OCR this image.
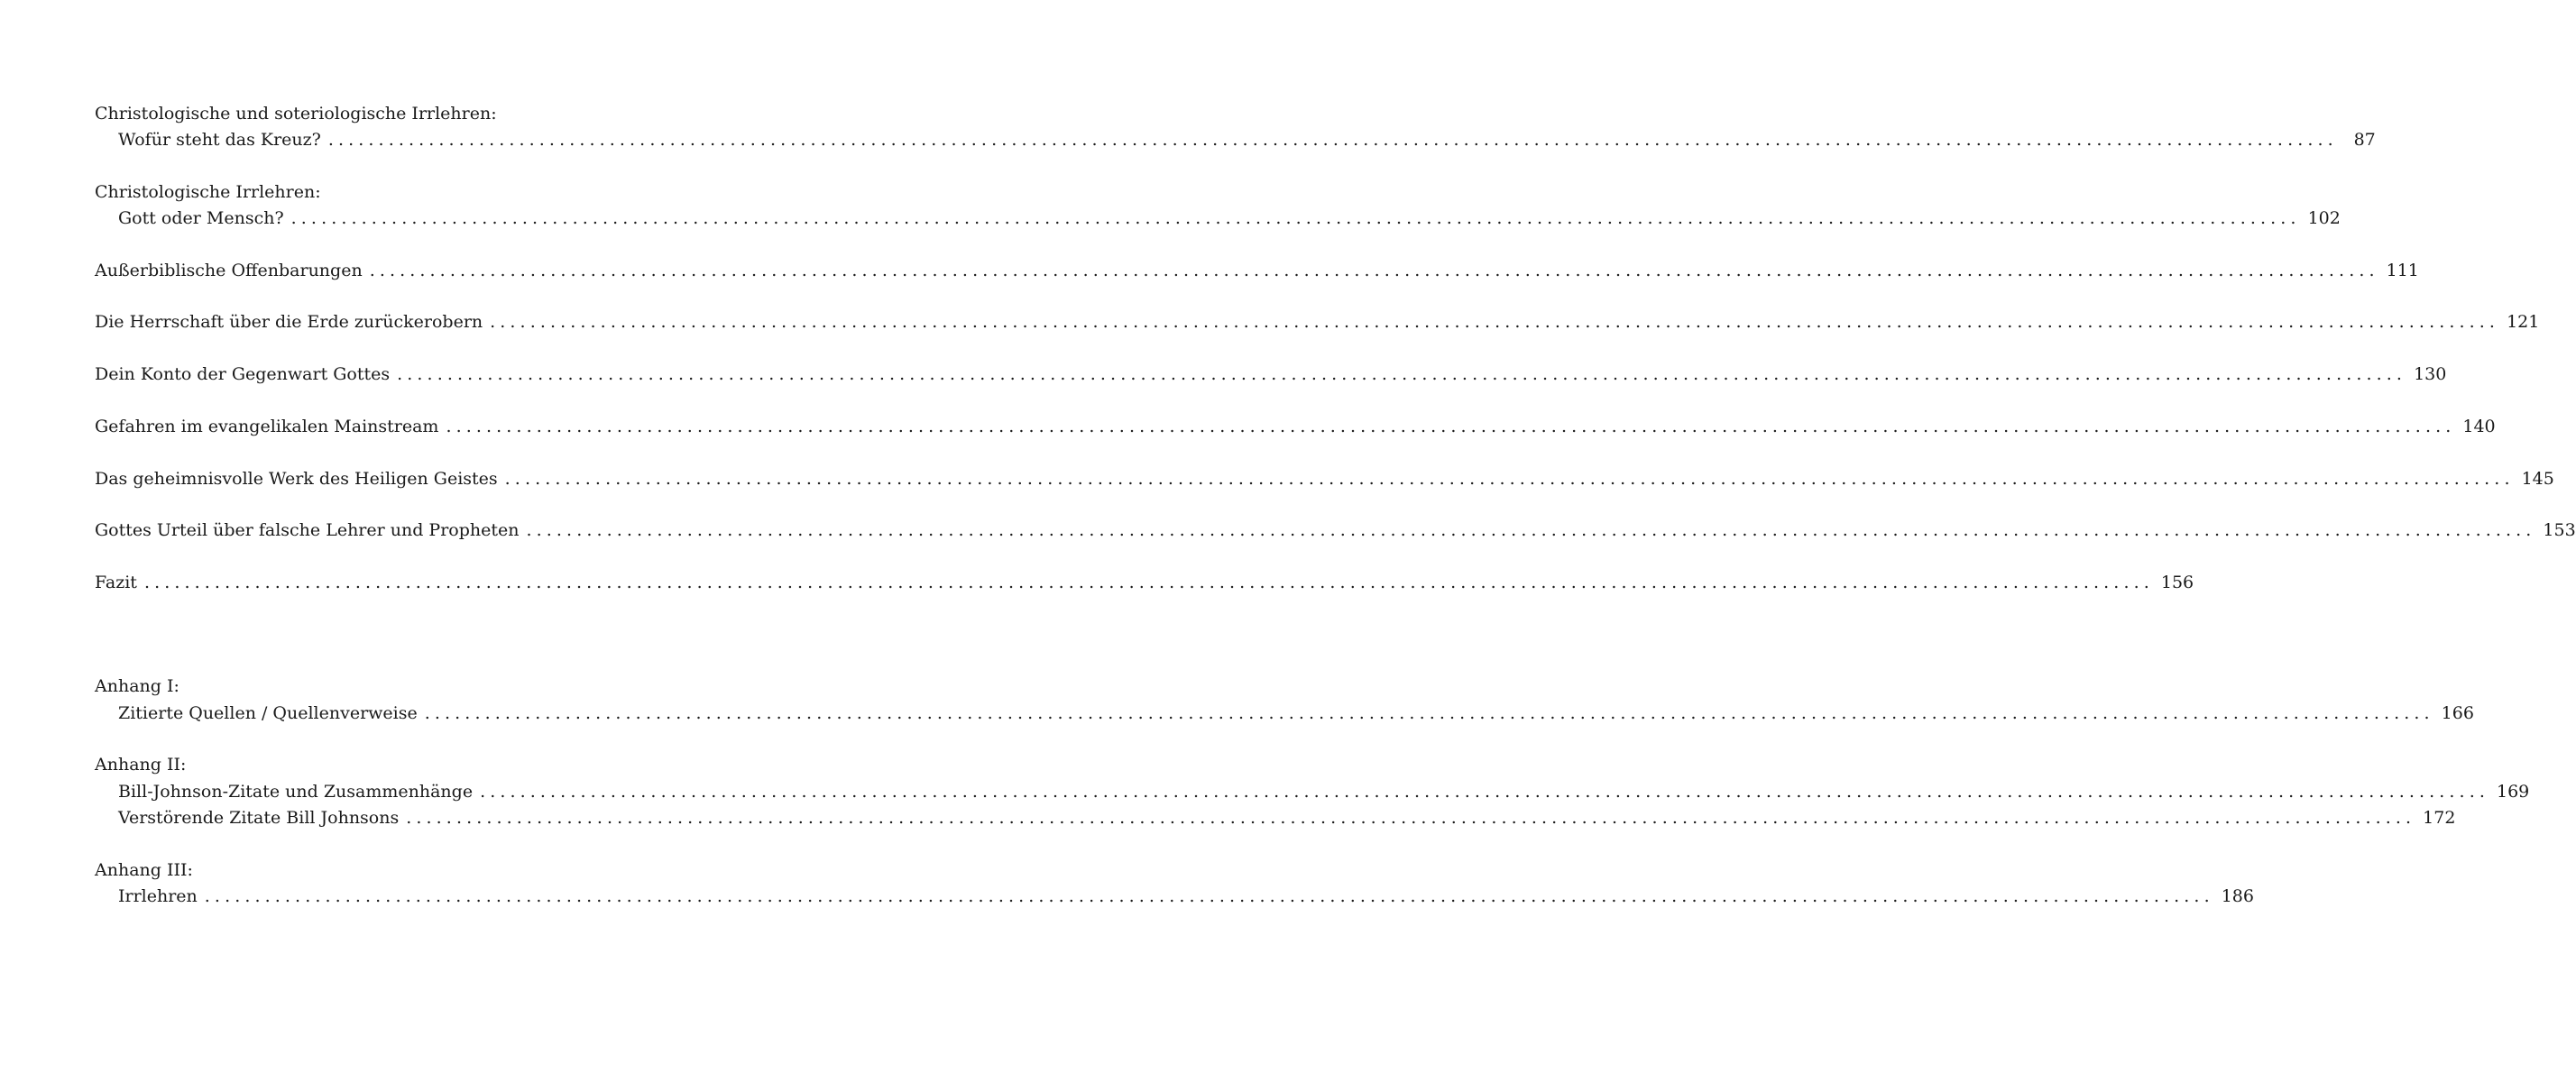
Christologische und soteriologische Irrlehren:
Wofür steht das Kreuz? ........................................................................................................................................................................................................ 87
Christologische Irrlehren:
Gott oder Mensch? ........................................................................................................................................................................................................ 102
Außerbiblische Offenbarungen ........................................................................................................................................................................................................ 111
Die Herrschaft über die Erde zurückerobern ........................................................................................................................................................................................................ 121
Dein Konto der Gegenwart Gottes ........................................................................................................................................................................................................ 130
Gefahren im evangelikalen Mainstream ........................................................................................................................................................................................................ 140
Das geheimnisvolle Werk des Heiligen Geistes ........................................................................................................................................................................................................ 145
Gottes Urteil über falsche Lehrer und Propheten ........................................................................................................................................................................................................ 153
Fazit ........................................................................................................................................................................................................ 156
Anhang I:
Zitierte Quellen / Quellenverweise ........................................................................................................................................................................................................ 166
Anhang II:
Bill-Johnson-Zitate und Zusammenhänge ........................................................................................................................................................................................................ 169
Verstörende Zitate Bill Johnsons ........................................................................................................................................................................................................ 172
Anhang III:
Irrlehren ........................................................................................................................................................................................................ 186
